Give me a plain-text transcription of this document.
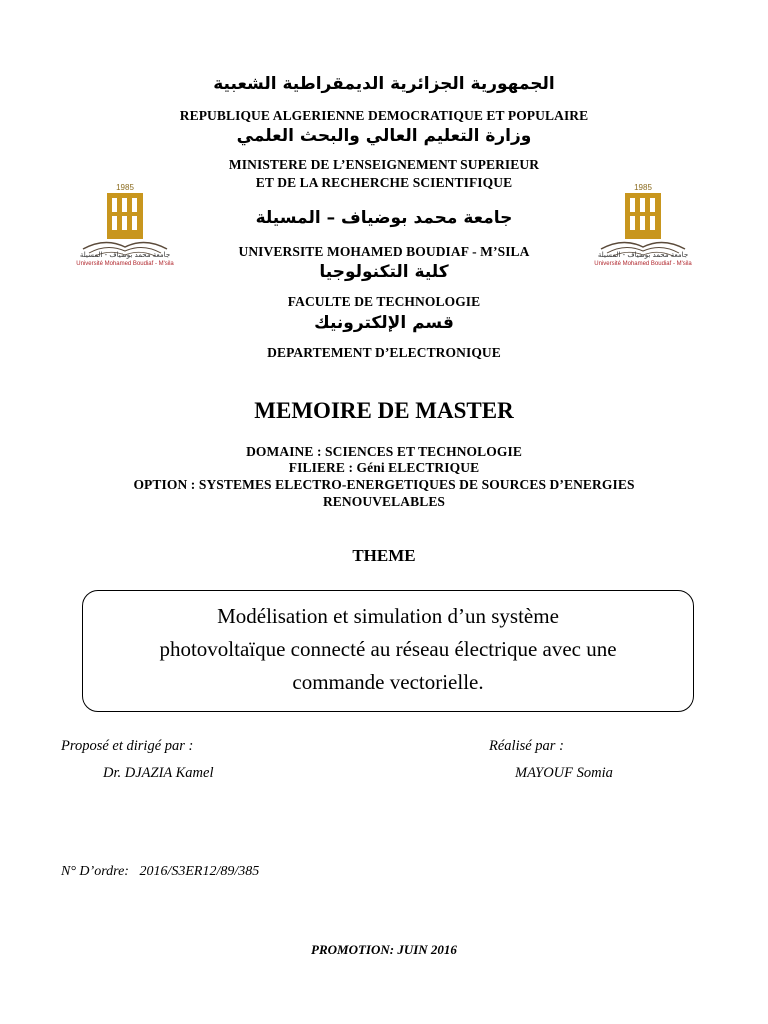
الجمهورية الجزائرية الديمقراطية الشعبية
REPUBLIQUE ALGERIENNE DEMOCRATIQUE ET POPULAIRE
وزارة التعليم العالي والبحث العلمي
MINISTERE DE L’ENSEIGNEMENT SUPERIEUR
ET DE LA RECHERCHE SCIENTIFIQUE
جامعة محمد بوضياف – المسيلة
UNIVERSITE MOHAMED BOUDIAF - M’SILA
كلية التكنولوجيا
FACULTE DE TECHNOLOGIE
قسم الإلكترونيك
DEPARTEMENT D’ELECTRONIQUE
1985
جامعة محمد بوضياف - المسيلة
Université Mohamed Boudiaf - M'sila
1985
جامعة محمد بوضياف - المسيلة
Université Mohamed Boudiaf - M'sila
MEMOIRE DE MASTER
DOMAINE : SCIENCES ET TECHNOLOGIE
FILIERE : Géni ELECTRIQUE
OPTION : SYSTEMES ELECTRO-ENERGETIQUES DE SOURCES D’ENERGIES
RENOUVELABLES
THEME
Modélisation et simulation d’un système
photovoltaïque connecté au réseau électrique avec une
commande vectorielle.
Proposé et dirigé par :
Dr. DJAZIA Kamel
Réalisé par :
MAYOUF Somia
N° D’ordre: 2016/S3ER12/89/385
PROMOTION: JUIN 2016
